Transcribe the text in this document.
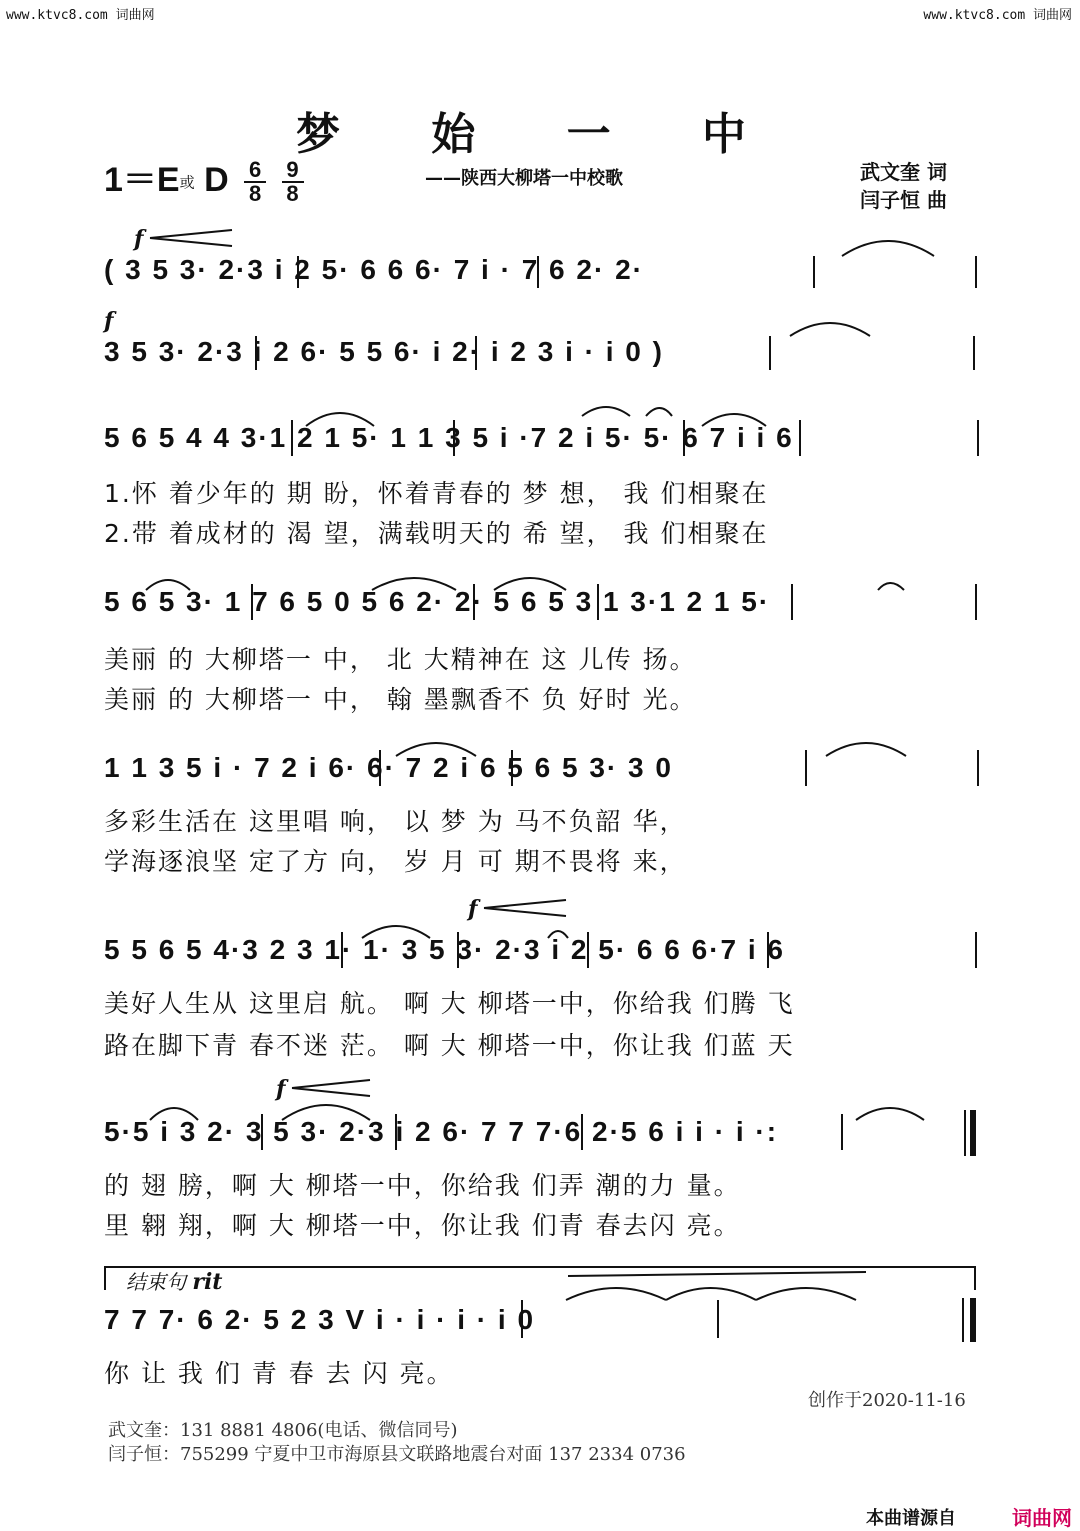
www.ktvc8.com 词曲网	www.ktvc8.com 词曲网
梦 始 一 中
——陕西大柳塔一中校歌
1＝E或 D $\frac{6}{8} \frac{9}{8}$	武文奎 词
闫子恒 曲
f
f
f
f
( 3 5 3· 2·3 i 2 5· 6 6 6· 7 i · 7 6 2· 2·
3 5 3· 2·3 i 2 6· 5 5 6· i 2· i 2 3 i · i 0 )
5 6 5 4 4 3·1 2 1 5· 1 1 3 5 i ·7 2 i 5· 5· 6 7 i i 6
1.怀 着少年的 期 盼，怀着青春的 梦 想， 我 们相聚在
2.带 着成材的 渴 望，满载明天的 希 望， 我 们相聚在
5 6 5 3· 1 7 6 5 0 5 6 2· 2· 5 6 5 3 1 3·1 2 1 5·
美丽 的 大柳塔一 中， 北 大精神在 这 儿传 扬。
美丽 的 大柳塔一 中， 翰 墨飘香不 负 好时 光。
1 1 3 5 i · 7 2 i 6· 6· 7 2 i 6 5 6 5 3· 3 0
多彩生活在 这里唱 响， 以 梦 为 马不负韶 华，
学海逐浪坚 定了方 向， 岁 月 可 期不畏将 来，
5 5 6 5 4·3 2 3 1· 1· 3 5 3· 2·3 i 2 5· 6 6 6·7 i 6
美好人生从 这里启 航。 啊 大 柳塔一中，你给我 们腾 飞
路在脚下青 春不迷 茫。 啊 大 柳塔一中，你让我 们蓝 天
5·5 i 3 2· 3 5 3· 2·3 i 2 6· 7 7 7·6 2·5 6 i i · i ·:
的 翅 膀，啊 大 柳塔一中，你给我 们弄 潮的力 量。
里 翱 翔，啊 大 柳塔一中，你让我 们青 春去闪 亮。
结束句 rit
7 7 7· 6 2· 5 2 3 V i · i · i · i 0
你 让 我 们 青 春 去 闪 亮。
创作于2020-11-16
武文奎：131 8881 4806(电话、微信同号)
闫子恒：755299 宁夏中卫市海原县文联路地震台对面 137 2334 0736
本曲谱源自	词曲网
